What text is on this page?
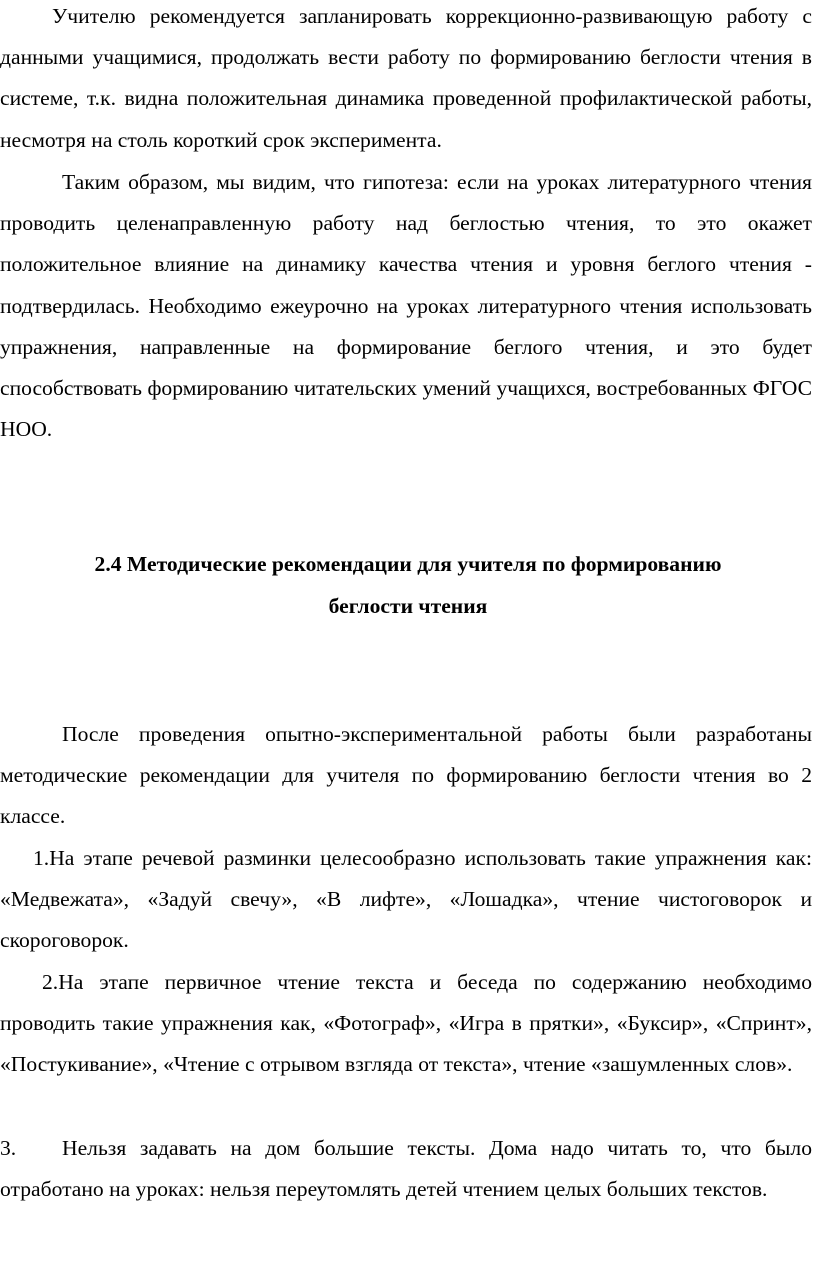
Учителю рекомендуется запланировать коррекционно-развивающую работу с данными учащимися, продолжать вести работу по формированию беглости чтения в системе, т.к. видна положительная динамика проведенной профилактической работы, несмотря на столь короткий срок эксперимента.

Таким образом, мы видим, что гипотеза: если на уроках литературного чтения проводить целенаправленную работу над беглостью чтения, то это окажет положительное влияние на динамику качества чтения и уровня беглого чтения - подтвердилась. Необходимо ежеурочно на уроках литературного чтения использовать упражнения, направленные на формирование беглого чтения, и это будет способствовать формированию читательских умений учащихся, востребованных ФГОС НОО.

2.4 Методические рекомендации для учителя по формированию

беглости чтения

После проведения опытно-экспериментальной работы были разработаны методические рекомендации для учителя по формированию беглости чтения во 2 классе.

1.На этапе речевой разминки целесообразно использовать такие упражнения как: «Медвежата», «Задуй свечу», «В лифте», «Лошадка», чтение чистоговорок и скороговорок.

2.На этапе первичное чтение текста и беседа по содержанию необходимо проводить такие упражнения как, «Фотограф», «Игра в прятки», «Буксир», «Спринт», «Постукивание», «Чтение с отрывом взгляда от текста», чтение «зашумленных слов».

3. Нельзя задавать на дом большие тексты. Дома надо читать то, что было отработано на уроках: нельзя переутомлять детей чтением целых больших текстов.
